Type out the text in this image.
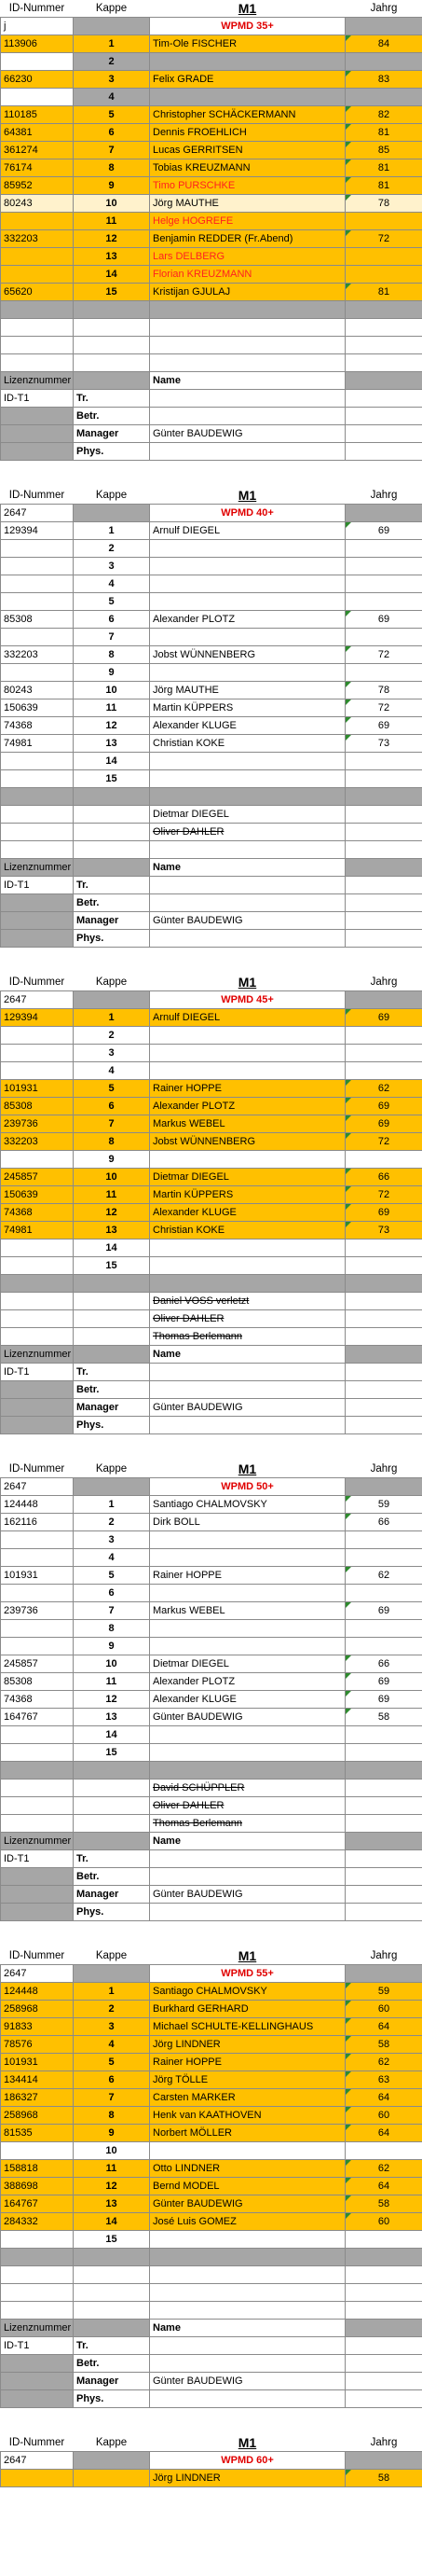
ID-Nummer	Kappe	M1	Jahrg
j		WPMD 35+	
113906	1	Tim-Ole FISCHER	84
	2		
66230	3	Felix GRADE	83
	4		
110185	5	Christopher SCHÄCKERMANN	82
64381	6	Dennis FROEHLICH	81
361274	7	Lucas GERRITSEN	85
76174	8	Tobias KREUZMANN	81
85952	9	Timo PURSCHKE	81
80243	10	Jörg MAUTHE	78
	11	Helge HOGREFE	
332203	12	Benjamin REDDER (Fr.Abend)	72
	13	Lars DELBERG	
	14	Florian KREUZMANN	
65620	15	Kristijan GJULAJ	81

Lizenznummer		Name	
ID-T1	Tr.		
	Betr.		
	Manager	Günter BAUDEWIG	
	Phys.		
ID-Nummer	Kappe	M1	Jahrg
2647		WPMD 40+	
129394	1	Arnulf DIEGEL	69
	2		
	3		
	4		
	5		
85308	6	Alexander PLOTZ	69
	7		
332203	8	Jobst WÜNNENBERG	72
	9		
80243	10	Jörg MAUTHE	78
150639	11	Martin KÜPPERS	72
74368	12	Alexander KLUGE	69
74981	13	Christian KOKE	73
	14		
	15		

		Dietmar DIEGEL	
		Oliver DAHLER	

Lizenznummer		Name	
ID-T1	Tr.		
	Betr.		
	Manager	Günter BAUDEWIG	
	Phys.		
ID-Nummer	Kappe	M1	Jahrg
2647		WPMD 45+	
129394	1	Arnulf DIEGEL	69
	2		
	3		
	4		
101931	5	Rainer HOPPE	62
85308	6	Alexander PLOTZ	69
239736	7	Markus WEBEL	69
332203	8	Jobst WÜNNENBERG	72
	9		
245857	10	Dietmar DIEGEL	66
150639	11	Martin KÜPPERS	72
74368	12	Alexander KLUGE	69
74981	13	Christian KOKE	73
	14		
	15		

		Daniel VOSS verletzt	
		Oliver DAHLER	
		Thomas Berlemann	
Lizenznummer		Name	
ID-T1	Tr.		
	Betr.		
	Manager	Günter BAUDEWIG	
	Phys.		
ID-Nummer	Kappe	M1	Jahrg
2647		WPMD 50+	
124448	1	Santiago CHALMOVSKY	59
162116	2	Dirk BOLL	66
	3		
	4		
101931	5	Rainer HOPPE	62
	6		
239736	7	Markus WEBEL	69
	8		
	9		
245857	10	Dietmar DIEGEL	66
85308	11	Alexander PLOTZ	69
74368	12	Alexander KLUGE	69
164767	13	Günter BAUDEWIG	58
	14		
	15		

		David SCHÜPPLER	
		Oliver DAHLER	
		Thomas Berlemann	
Lizenznummer		Name	
ID-T1	Tr.		
	Betr.		
	Manager	Günter BAUDEWIG	
	Phys.		
ID-Nummer	Kappe	M1	Jahrg
2647		WPMD 55+	
124448	1	Santiago CHALMOVSKY	59
258968	2	Burkhard GERHARD	60
91833	3	Michael SCHULTE-KELLINGHAUS	64
78576	4	Jörg LINDNER	58
101931	5	Rainer HOPPE	62
134414	6	Jörg TÖLLE	63
186327	7	Carsten MARKER	64
258968	8	Henk van KAATHOVEN	60
81535	9	Norbert MÖLLER	64
	10		
158818	11	Otto LINDNER	62
388698	12	Bernd MODEL	64
164767	13	Günter BAUDEWIG	58
284332	14	José Luis GOMEZ	60
	15		

Lizenznummer		Name	
ID-T1	Tr.		
	Betr.		
	Manager	Günter BAUDEWIG	
	Phys.		
ID-Nummer	Kappe	M1	Jahrg
2647		WPMD 60+	
		Jörg LINDNER	58
